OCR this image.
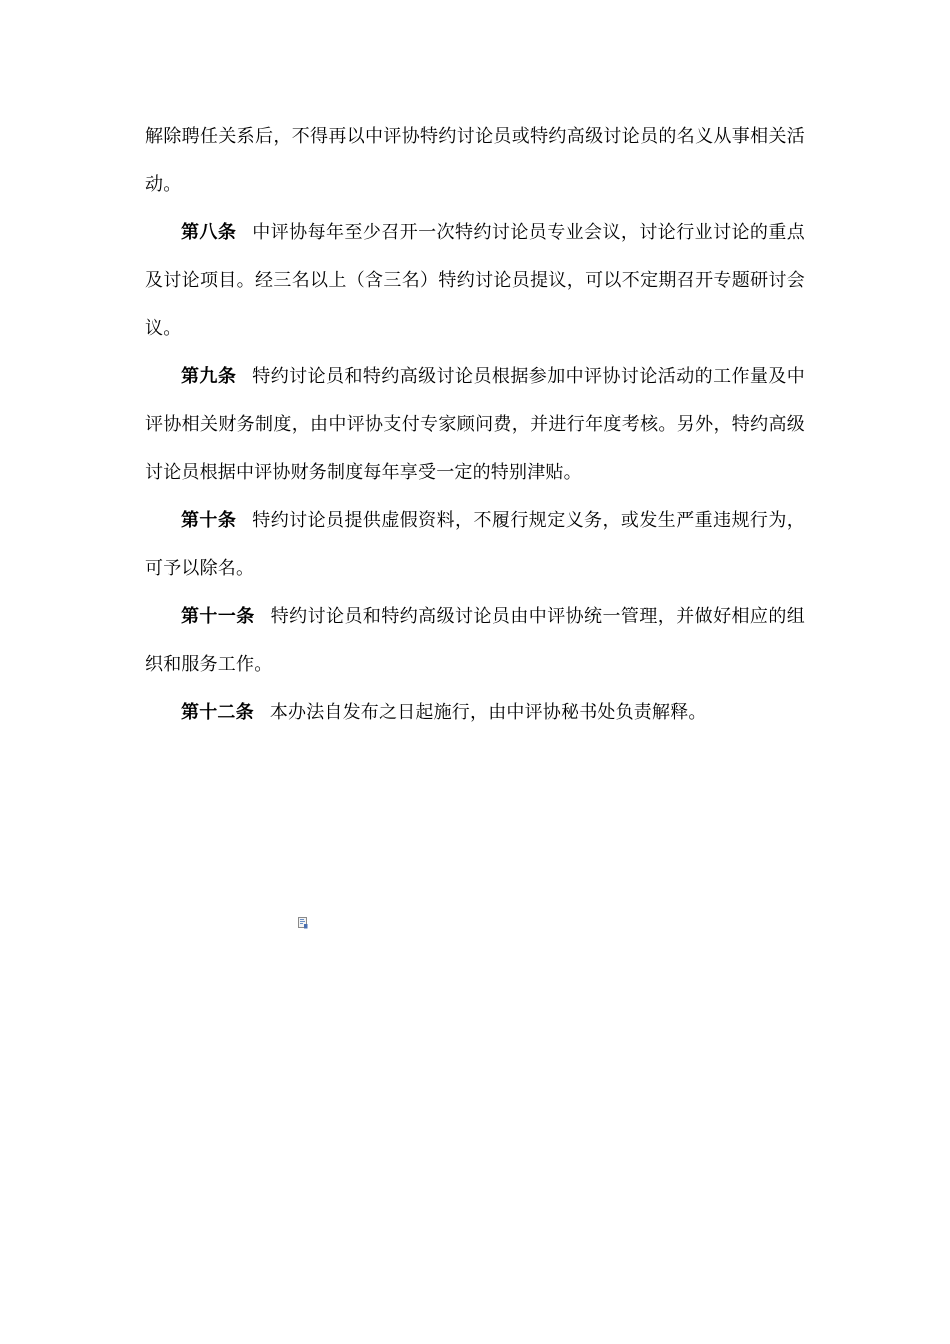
解除聘任关系后，不得再以中评协特约讨论员或特约高级讨论员的名义从事相关活动。

第八条 中评协每年至少召开一次特约讨论员专业会议，讨论行业讨论的重点及讨论项目。经三名以上（含三名）特约讨论员提议，可以不定期召开专题研讨会议。

第九条 特约讨论员和特约高级讨论员根据参加中评协讨论活动的工作量及中评协相关财务制度，由中评协支付专家顾问费，并进行年度考核。另外，特约高级讨论员根据中评协财务制度每年享受一定的特别津贴。

第十条 特约讨论员提供虚假资料，不履行规定义务，或发生严重违规行为，可予以除名。

第十一条 特约讨论员和特约高级讨论员由中评协统一管理，并做好相应的组织和服务工作。

第十二条 本办法自发布之日起施行，由中评协秘书处负责解释。
